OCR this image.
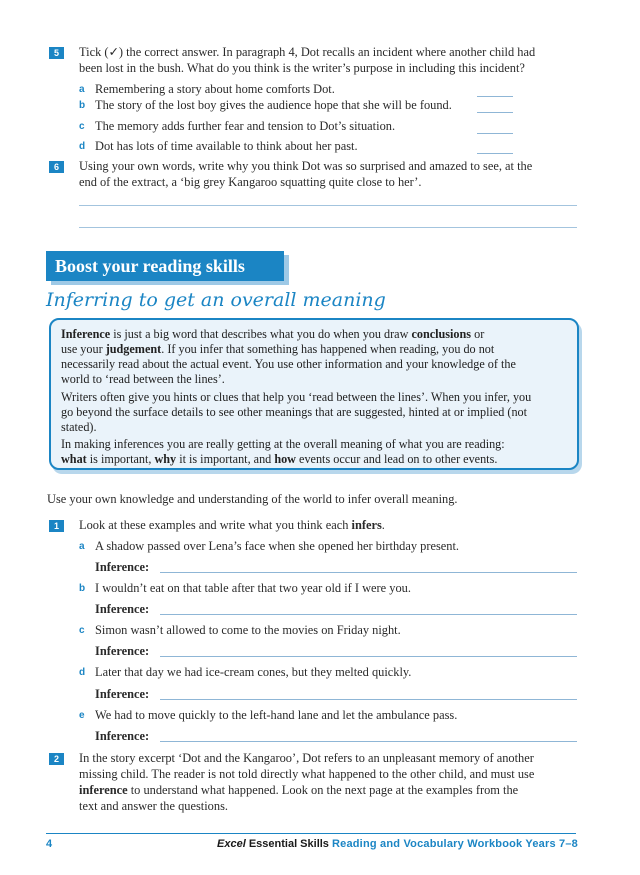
5	Tick (✓) the correct answer. In paragraph 4, Dot recalls an incident where another child had
been lost in the bush. What do you think is the writer’s purpose in including this incident?
a Remembering a story about home comforts Dot.
b The story of the lost boy gives the audience hope that she will be found.
c The memory adds further fear and tension to Dot’s situation.
d Dot has lots of time available to think about her past.
6	Using your own words, write why you think Dot was so surprised and amazed to see, at the
end of the extract, a ‘big grey Kangaroo squatting quite close to her’.
Boost your reading skills
Inferring to get an overall meaning
Inference is just a big word that describes what you do when you draw conclusions or
use your judgement. If you infer that something has happened when reading, you do not
necessarily read about the actual event. You use other information and your knowledge of the
world to ‘read between the lines’.
Writers often give you hints or clues that help you ‘read between the lines’. When you infer, you
go beyond the surface details to see other meanings that are suggested, hinted at or implied (not
stated).
In making inferences you are really getting at the overall meaning of what you are reading:
what is important, why it is important, and how events occur and lead on to other events.
Use your own knowledge and understanding of the world to infer overall meaning.
1	Look at these examples and write what you think each infers.
a A shadow passed over Lena’s face when she opened her birthday present.
Inference:
b I wouldn’t eat on that table after that two year old if I were you.
Inference:
c Simon wasn’t allowed to come to the movies on Friday night.
Inference:
d Later that day we had ice-cream cones, but they melted quickly.
Inference:
e We had to move quickly to the left-hand lane and let the ambulance pass.
Inference:
2	In the story excerpt ‘Dot and the Kangaroo’, Dot refers to an unpleasant memory of another
missing child. The reader is not told directly what happened to the other child, and must use
inference to understand what happened. Look on the next page at the examples from the
text and answer the questions.
4	Excel Essential Skills Reading and Vocabulary Workbook Years 7–8
